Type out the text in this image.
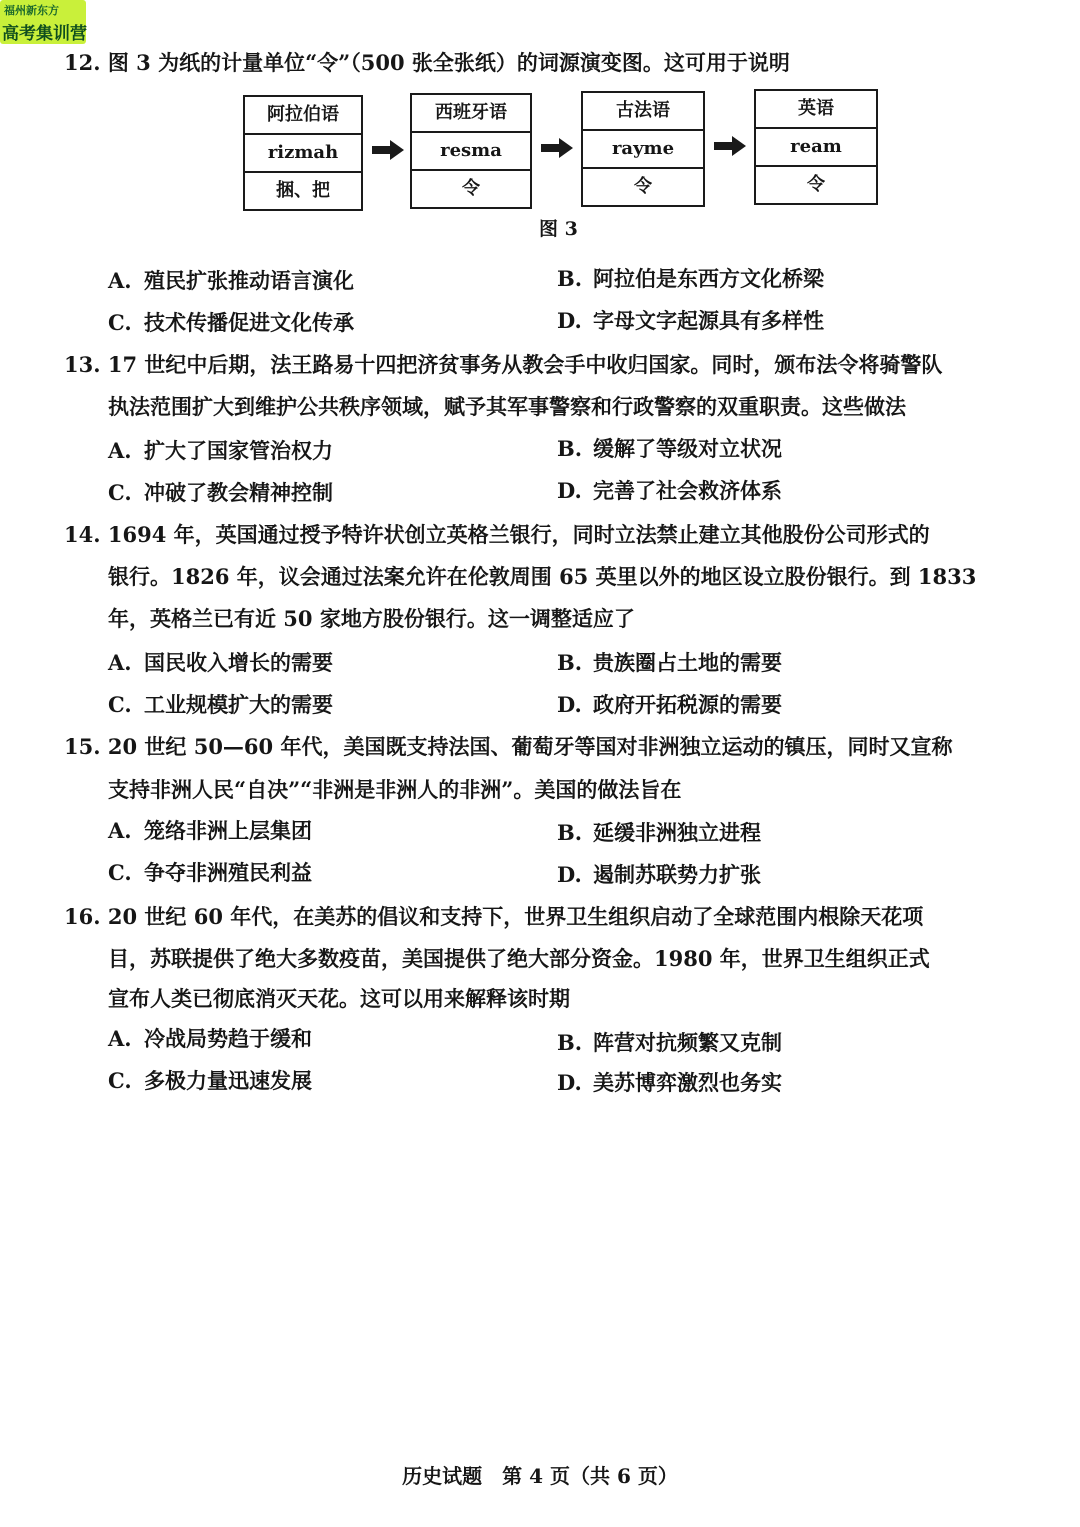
福州新东方
高考集训营
12. 图 3 为纸的计量单位“令”（500 张全张纸）的词源演变图。这可用于说明
阿拉伯语
rizmah
捆、把
西班牙语
resma
令
古法语
rayme
令
英语
ream
令
图 3
A. 殖民扩张推动语言演化	B. 阿拉伯是东西方文化桥梁
C. 技术传播促进文化传承	D. 字母文字起源具有多样性
13. 17 世纪中后期，法王路易十四把济贫事务从教会手中收归国家。同时，颁布法令将骑警队
执法范围扩大到维护公共秩序领域，赋予其军事警察和行政警察的双重职责。这些做法
A. 扩大了国家管治权力	B. 缓解了等级对立状况
C. 冲破了教会精神控制	D. 完善了社会救济体系
14. 1694 年，英国通过授予特许状创立英格兰银行，同时立法禁止建立其他股份公司形式的
银行。1826 年，议会通过法案允许在伦敦周围 65 英里以外的地区设立股份银行。到 1833
年，英格兰已有近 50 家地方股份银行。这一调整适应了
A. 国民收入增长的需要	B. 贵族圈占土地的需要
C. 工业规模扩大的需要	D. 政府开拓税源的需要
15. 20 世纪 50—60 年代，美国既支持法国、葡萄牙等国对非洲独立运动的镇压，同时又宣称
支持非洲人民“自决”“非洲是非洲人的非洲”。美国的做法旨在
A. 笼络非洲上层集团	B. 延缓非洲独立进程
C. 争夺非洲殖民利益	D. 遏制苏联势力扩张
16. 20 世纪 60 年代，在美苏的倡议和支持下，世界卫生组织启动了全球范围内根除天花项
目，苏联提供了绝大多数疫苗，美国提供了绝大部分资金。1980 年，世界卫生组织正式
宣布人类已彻底消灭天花。这可以用来解释该时期
A. 冷战局势趋于缓和	B. 阵营对抗频繁又克制
C. 多极力量迅速发展	D. 美苏博弈激烈也务实
历史试题　第 4 页（共 6 页）
